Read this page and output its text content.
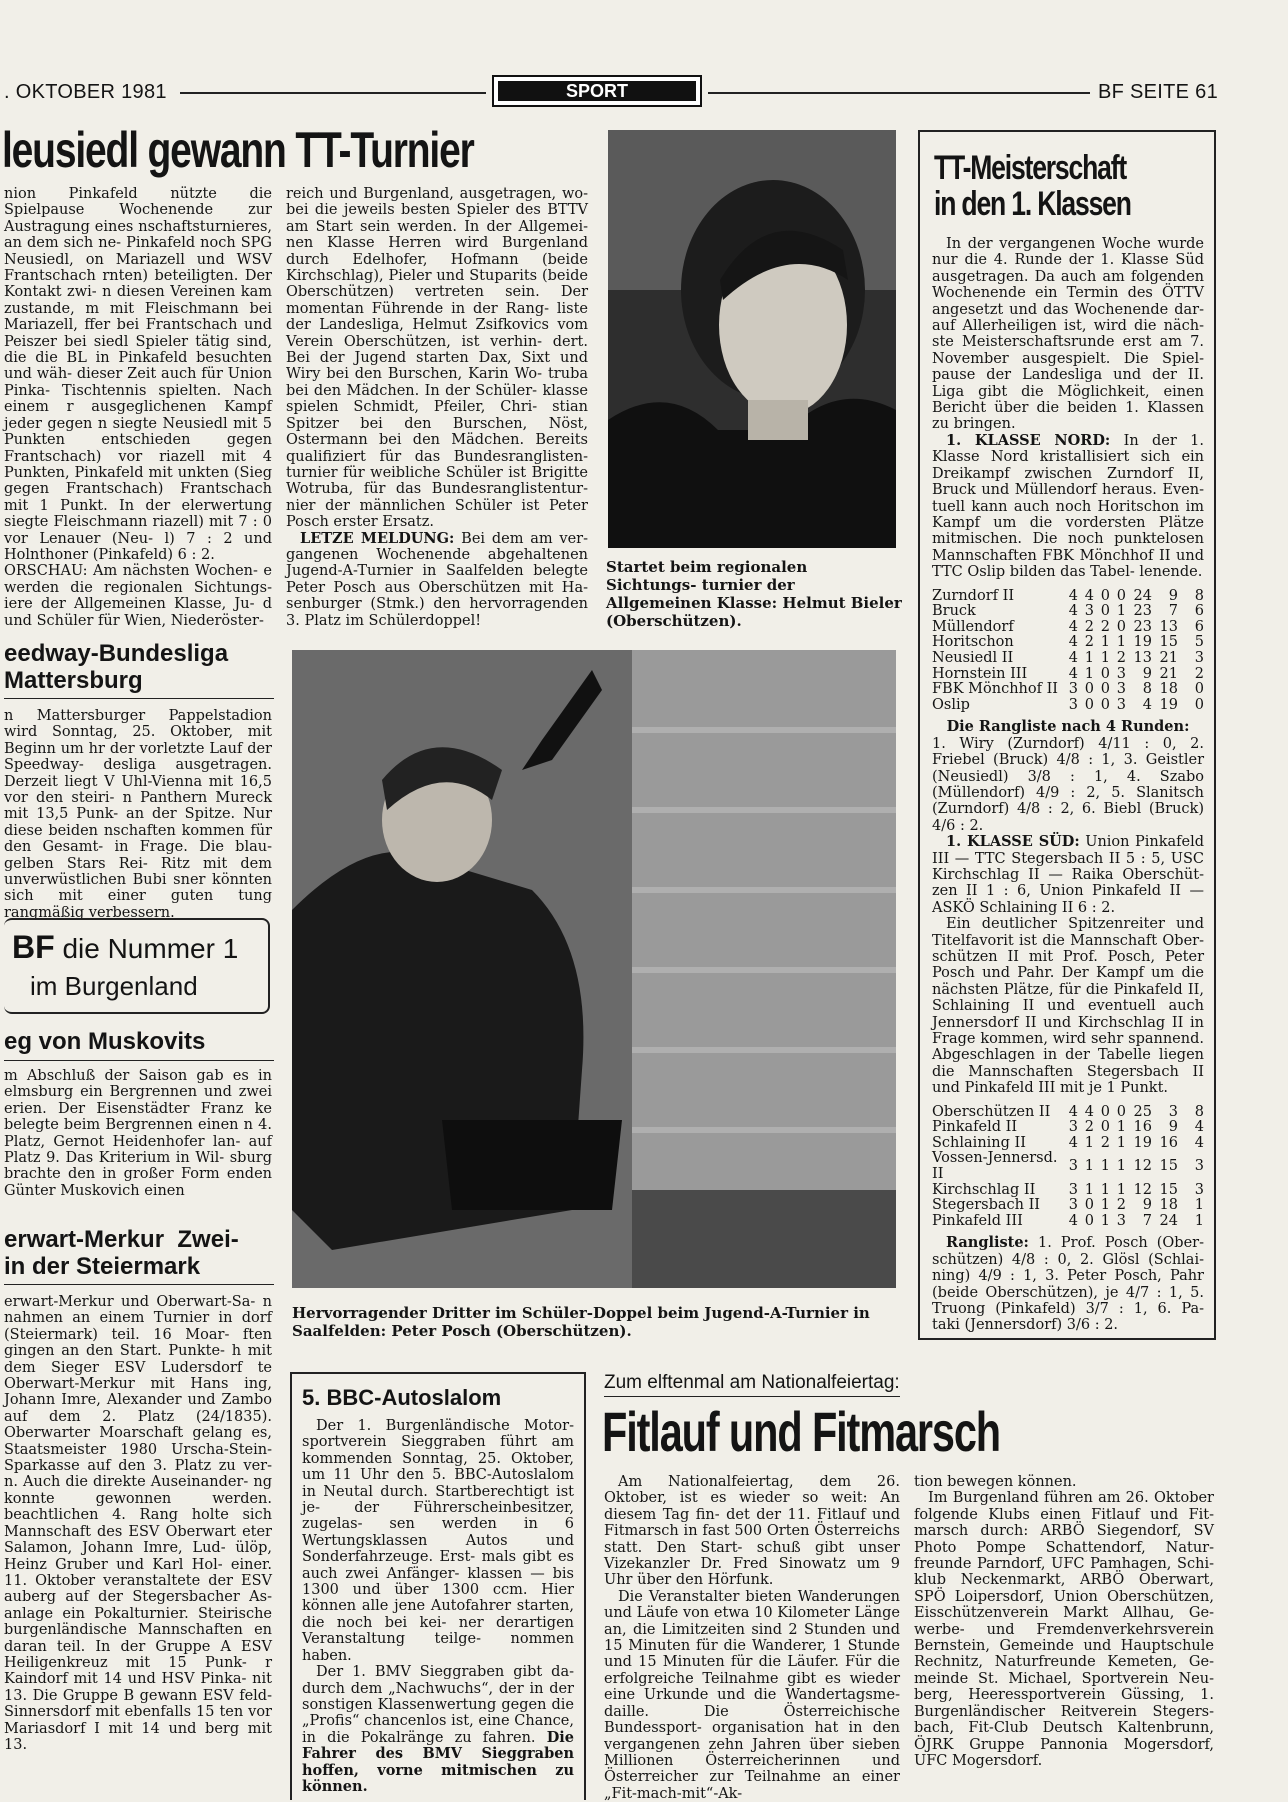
. OKTOBER 1981	SPORT	BF SEITE 61
leusiedl gewann TT-Turnier

nion Pinkafeld nützte die Spielpause Wochenende zur Austragung eines nschaftsturnieres, an dem sich ne- Pinkafeld noch SPG Neusiedl, on Mariazell und WSV Frantschach rnten) beteiligten. Der Kontakt zwi- n diesen Vereinen kam zustande, m mit Fleischmann bei Mariazell, ffer bei Frantschach und Peiszer bei siedl Spieler tätig sind, die die BL in Pinkafeld besuchten und wäh- dieser Zeit auch für Union Pinka- Tischtennis spielten. Nach einem r ausgeglichenen Kampf jeder gegen n siegte Neusiedl mit 5 Punkten entschieden gegen Frantschach) vor riazell mit 4 Punkten, Pinkafeld mit unkten (Sieg gegen Frantschach) Frantschach mit 1 Punkt. In der elerwertung siegte Fleischmann riazell) mit 7 : 0 vor Lenauer (Neu- l) 7 : 2 und Holnthoner (Pinkafeld) 6 : 2.

ORSCHAU: Am nächsten Wochen- e werden die regionalen Sichtungs- iere der Allgemeinen Klasse, Ju- d und Schüler für Wien, Niederöster-

reich und Burgenland, ausgetragen, wo- bei die jeweils besten Spieler des BTTV am Start sein werden. In der Allgemei- nen Klasse Herren wird Burgenland durch Edelhofer, Hofmann (beide Kirchschlag), Pieler und Stuparits (beide Oberschützen) vertreten sein. Der momentan Führende in der Rang- liste der Landesliga, Helmut Zsifkovics vom Verein Oberschützen, ist verhin- dert. Bei der Jugend starten Dax, Sixt und Wiry bei den Burschen, Karin Wo- truba bei den Mädchen. In der Schüler- klasse spielen Schmidt, Pfeiler, Chri- stian Spitzer bei den Burschen, Nöst, Ostermann bei den Mädchen. Bereits qualifiziert für das Bundesranglisten- turnier für weibliche Schüler ist Brigitte Wotruba, für das Bundesranglistentur- nier der männlichen Schüler ist Peter Posch erster Ersatz.

LETZE MELDUNG: Bei dem am ver- gangenen Wochenende abgehaltenen Jugend-A-Turnier in Saalfelden belegte Peter Posch aus Oberschützen mit Ha- senburger (Stmk.) den hervorragenden 3. Platz im Schülerdoppel!

Startet beim regionalen Sichtungs- turnier der Allgemeinen Klasse: Helmut Bieler (Oberschützen).
Hervorragender Dritter im Schüler-Doppel beim Jugend-A-Turnier in Saalfelden: Peter Posch (Oberschützen).
eedway-Bundesliga
Mattersburg
n Mattersburger Pappelstadion wird Sonntag, 25. Oktober, mit Beginn um hr der vorletzte Lauf der Speedway- desliga ausgetragen. Derzeit liegt V Uhl-Vienna mit 16,5 vor den steiri- n Panthern Mureck mit 13,5 Punk- an der Spitze. Nur diese beiden nschaften kommen für den Gesamt- in Frage. Die blau-gelben Stars Rei- Ritz mit dem unverwüstlichen Bubi sner könnten sich mit einer guten tung rangmäßig verbessern.
BF die Nummer 1
im Burgenland
eg von Muskovits
m Abschluß der Saison gab es in elmsburg ein Bergrennen und zwei erien. Der Eisenstädter Franz ke belegte beim Bergrennen einen n 4. Platz, Gernot Heidenhofer lan- auf Platz 9. Das Kriterium in Wil- sburg brachte den in großer Form enden Günter Muskovich einen
erwart-Merkur  Zwei-
in der Steiermark
erwart-Merkur und Oberwart-Sa- n nahmen an einem Turnier in dorf (Steiermark) teil. 16 Moar- ften gingen an den Start. Punkte- h mit dem Sieger ESV Ludersdorf te Oberwart-Merkur mit Hans ing, Johann Imre, Alexander und Zambo auf dem 2. Platz (24/1835). Oberwarter Moarschaft gelang es, Staatsmeister 1980 Urscha-Stein- Sparkasse auf den 3. Platz zu ver- n. Auch die direkte Auseinander- ng konnte gewonnen werden. beachtlichen 4. Rang holte sich Mannschaft des ESV Oberwart eter Salamon, Johann Imre, Lud- ülöp, Heinz Gruber und Karl Hol- einer. 11. Oktober veranstaltete der ESV auberg auf der Stegersbacher As- anlage ein Pokalturnier. Steirische burgenländische Mannschaften en daran teil. In der Gruppe A ESV Heiligenkreuz mit 15 Punk- r Kaindorf mit 14 und HSV Pinka- nit 13. Die Gruppe B gewann ESV feld-Sinnersdorf mit ebenfalls 15 ten vor Mariasdorf I mit 14 und berg mit 13.
TT-Meisterschaft
in den 1. Klassen

In der vergangenen Woche wurde nur die 4. Runde der 1. Klasse Süd ausgetragen. Da auch am folgenden Wochenende ein Termin des ÖTTV angesetzt und das Wochenende dar- auf Allerheiligen ist, wird die näch- ste Meisterschaftsrunde erst am 7. November ausgespielt. Die Spiel- pause der Landesliga und der II. Liga gibt die Möglichkeit, einen Bericht über die beiden 1. Klassen zu bringen.

1. KLASSE NORD: In der 1. Klasse Nord kristallisiert sich ein Dreikampf zwischen Zurndorf II, Bruck und Müllendorf heraus. Even- tuell kann auch noch Horitschon im Kampf um die vordersten Plätze mitmischen. Die noch punktelosen Mannschaften FBK Mönchhof II und TTC Oslip bilden das Tabel- lenende.

Zurndorf II	4	4	0	0	24	9	8
Bruck	4	3	0	1	23	7	6
Müllendorf	4	2	2	0	23	13	6
Horitschon	4	2	1	1	19	15	5
Neusiedl II	4	1	1	2	13	21	3
Hornstein III	4	1	0	3	9	21	2
FBK Mönchhof II	3	0	0	3	8	18	0
Oslip	3	0	0	3	4	19	0
Die Rangliste nach 4 Runden:

1. Wiry (Zurndorf) 4/11 : 0, 2. Friebel (Bruck) 4/8 : 1, 3. Geistler (Neusiedl) 3/8 : 1, 4. Szabo (Müllendorf) 4/9 : 2, 5. Slanitsch (Zurndorf) 4/8 : 2, 6. Biebl (Bruck) 4/6 : 2.

1. KLASSE SÜD: Union Pinkafeld III — TTC Stegersbach II 5 : 5, USC Kirchschlag II — Raika Oberschüt- zen II 1 : 6, Union Pinkafeld II — ASKÖ Schlaining II 6 : 2.

Ein deutlicher Spitzenreiter und Titelfavorit ist die Mannschaft Ober- schützen II mit Prof. Posch, Peter Posch und Pahr. Der Kampf um die nächsten Plätze, für die Pinkafeld II, Schlaining II und eventuell auch Jennersdorf II und Kirchschlag II in Frage kommen, wird sehr spannend. Abgeschlagen in der Tabelle liegen die Mannschaften Stegersbach II und Pinkafeld III mit je 1 Punkt.

Oberschützen II	4	4	0	0	25	3	8
Pinkafeld II	3	2	0	1	16	9	4
Schlaining II	4	1	2	1	19	16	4
Vossen-Jennersd. II	3	1	1	1	12	15	3
Kirchschlag II	3	1	1	1	12	15	3
Stegersbach II	3	0	1	2	9	18	1
Pinkafeld III	4	0	1	3	7	24	1

Rangliste: 1. Prof. Posch (Ober- schützen) 4/8 : 0, 2. Glösl (Schlai- ning) 4/9 : 1, 3. Peter Posch, Pahr (beide Oberschützen), je 4/7 : 1, 5. Truong (Pinkafeld) 3/7 : 1, 6. Pa- taki (Jennersdorf) 3/6 : 2.

5. BBC-Autoslalom

Der 1. Burgenländische Motor- sportverein Sieggraben führt am kommenden Sonntag, 25. Oktober, um 11 Uhr den 5. BBC-Autoslalom in Neutal durch. Startberechtigt ist je- der Führerscheinbesitzer, zugelas- sen werden in 6 Wertungsklassen Autos und Sonderfahrzeuge. Erst- mals gibt es auch zwei Anfänger- klassen — bis 1300 und über 1300 ccm. Hier können alle jene Autofahrer starten, die noch bei kei- ner derartigen Veranstaltung teilge- nommen haben.

Der 1. BMV Sieggraben gibt da- durch dem „Nachwuchs“, der in der sonstigen Klassenwertung gegen die „Profis“ chancenlos ist, eine Chance, in die Pokalränge zu fahren. Die Fahrer des BMV Sieggraben hoffen, vorne mitmischen zu können.

Zum elftenmal am Nationalfeiertag:
Fitlauf und Fitmarsch

Am Nationalfeiertag, dem 26. Oktober, ist es wieder so weit: An diesem Tag fin- det der 11. Fitlauf und Fitmarsch in fast 500 Orten Österreichs statt. Den Start- schuß gibt unser Vizekanzler Dr. Fred Sinowatz um 9 Uhr über den Hörfunk.

Die Veranstalter bieten Wanderungen und Läufe von etwa 10 Kilometer Länge an, die Limitzeiten sind 2 Stunden und 15 Minuten für die Wanderer, 1 Stunde und 15 Minuten für die Läufer. Für die erfolgreiche Teilnahme gibt es wieder eine Urkunde und die Wandertagsme- daille. Die Österreichische Bundessport- organisation hat in den vergangenen zehn Jahren über sieben Millionen Österreicherinnen und Österreicher zur Teilnahme an einer „Fit-mach-mit“-Ak-

tion bewegen können.

Im Burgenland führen am 26. Oktober folgende Klubs einen Fitlauf und Fit- marsch durch: ARBÖ Siegendorf, SV Photo Pompe Schattendorf, Natur- freunde Parndorf, UFC Pamhagen, Schi- klub Neckenmarkt, ARBÖ Oberwart, SPÖ Loipersdorf, Union Oberschützen, Eisschützenverein Markt Allhau, Ge- werbe- und Fremdenverkehrsverein Bernstein, Gemeinde und Hauptschule Rechnitz, Naturfreunde Kemeten, Ge- meinde St. Michael, Sportverein Neu- berg, Heeressportverein Güssing, 1. Burgenländischer Reitverein Stegers- bach, Fit-Club Deutsch Kaltenbrunn, ÖJRK Gruppe Pannonia Mogersdorf, UFC Mogersdorf.
